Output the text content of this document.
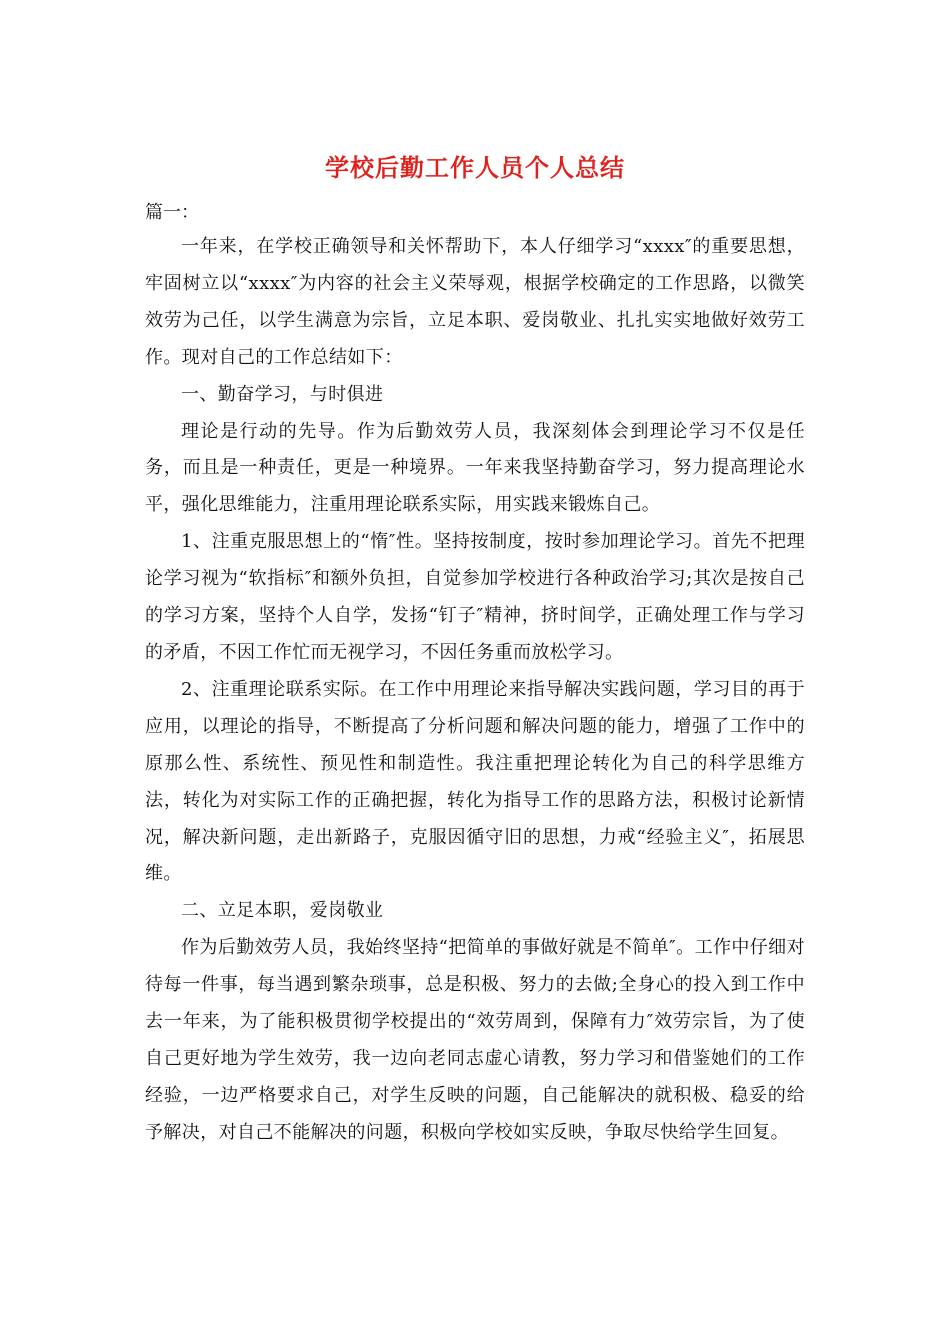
学校后勤工作人员个人总结
篇一：

一年来，在学校正确领导和关怀帮助下，本人仔细学习“xxxx″的重要思想，牢固树立以“xxxx″为内容的社会主义荣辱观，根据学校确定的工作思路，以微笑效劳为己任，以学生满意为宗旨，立足本职、爱岗敬业、扎扎实实地做好效劳工作。现对自己的工作总结如下：

一、勤奋学习，与时俱进

理论是行动的先导。作为后勤效劳人员，我深刻体会到理论学习不仅是任务，而且是一种责任，更是一种境界。一年来我坚持勤奋学习，努力提高理论水平，强化思维能力，注重用理论联系实际，用实践来锻炼自己。

1、注重克服思想上的“惰″性。坚持按制度，按时参加理论学习。首先不把理论学习视为“软指标″和额外负担，自觉参加学校进行各种政治学习;其次是按自己的学习方案，坚持个人自学，发扬“钉子″精神，挤时间学，正确处理工作与学习的矛盾，不因工作忙而无视学习，不因任务重而放松学习。

2、注重理论联系实际。在工作中用理论来指导解决实践问题，学习目的再于应用，以理论的指导，不断提高了分析问题和解决问题的能力，增强了工作中的原那么性、系统性、预见性和制造性。我注重把理论转化为自己的科学思维方法，转化为对实际工作的正确把握，转化为指导工作的思路方法，积极讨论新情况，解决新问题，走出新路子，克服因循守旧的思想，力戒“经验主义″，拓展思维。

二、立足本职，爱岗敬业

作为后勤效劳人员，我始终坚持“把简单的事做好就是不简单″。工作中仔细对待每一件事，每当遇到繁杂琐事，总是积极、努力的去做;全身心的投入到工作中去一年来，为了能积极贯彻学校提出的“效劳周到，保障有力″效劳宗旨，为了使自己更好地为学生效劳，我一边向老同志虚心请教，努力学习和借鉴她们的工作经验，一边严格要求自己，对学生反映的问题，自己能解决的就积极、稳妥的给予解决，对自己不能解决的问题，积极向学校如实反映，争取尽快给学生回复。
